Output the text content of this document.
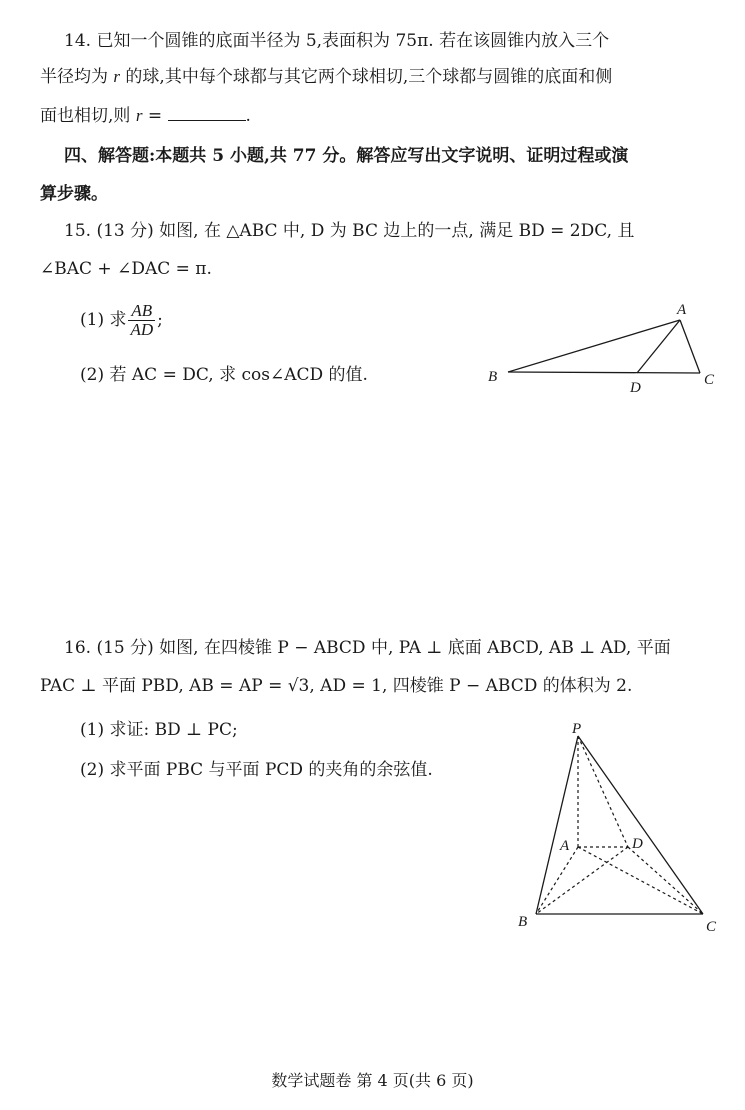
14. 已知一个圆锥的底面半径为 5,表面积为 75π. 若在该圆锥内放入三个
半径均为 r 的球,其中每个球都与其它两个球相切,三个球都与圆锥的底面和侧
面也相切,则 r =	.
四、解答题:本题共 5 小题,共 77 分。解答应写出文字说明、证明过程或演
算步骤。
15. (13 分) 如图, 在 △ABC 中, D 为 BC 边上的一点, 满足 BD = 2DC, 且
∠BAC + ∠DAC = π.
(1) 求 $\frac{AB}{AD}$ ;
(2) 若 AC = DC, 求 cos∠ACD 的值.
A
B	C
D
16. (15 分) 如图, 在四棱锥 P − ABCD 中, PA ⊥ 底面 ABCD, AB ⊥ AD, 平面
PAC ⊥ 平面 PBD, AB = AP = √3, AD = 1, 四棱锥 P − ABCD 的体积为 2.
(1) 求证: BD ⊥ PC;
(2) 求平面 PBC 与平面 PCD 的夹角的余弦值.
P
A	D
B	C
数学试题卷 第 4 页(共 6 页)
